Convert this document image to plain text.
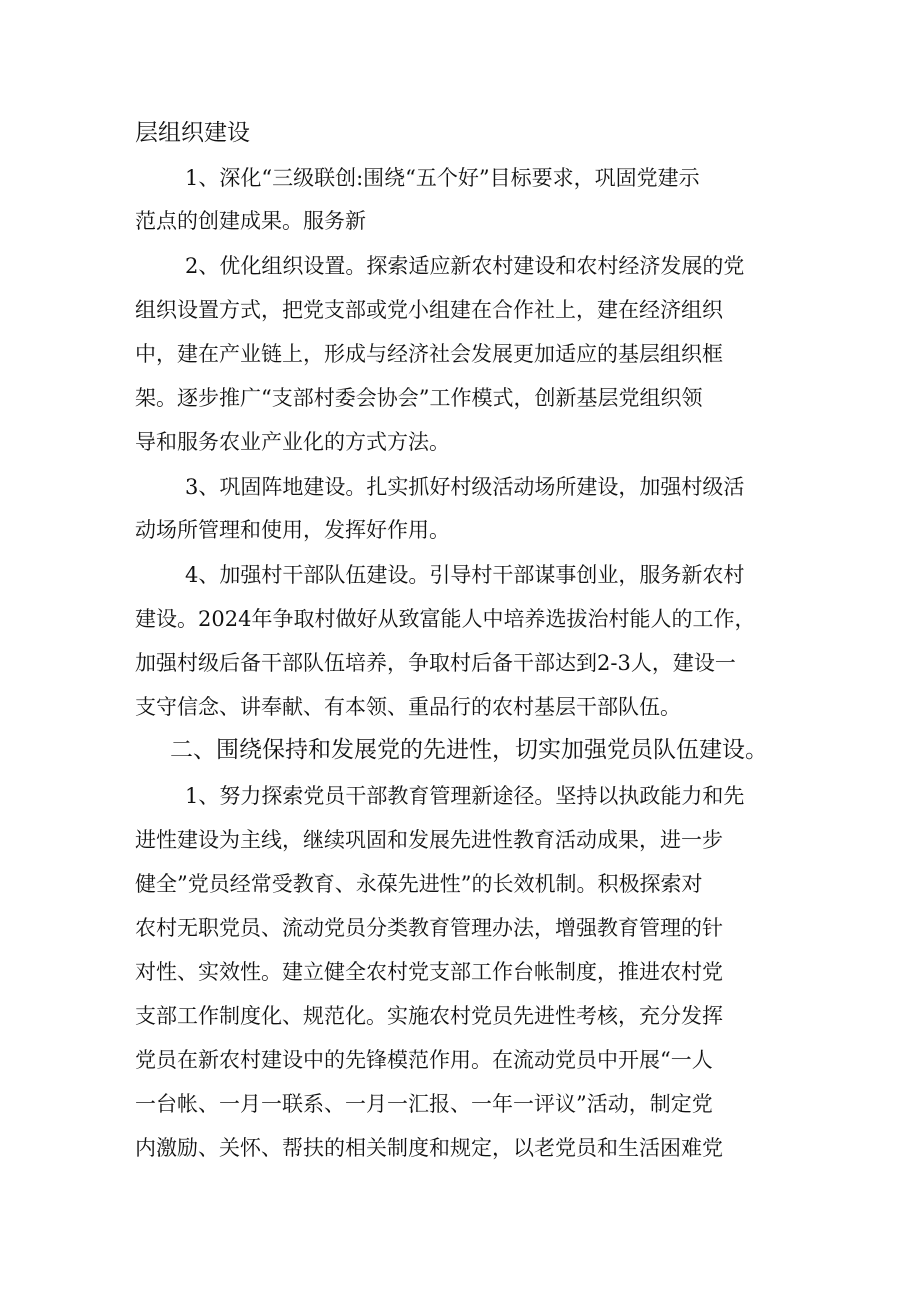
层组织建设
1、深化“三级联创:围绕“五个好”目标要求，巩固党建示
范点的创建成果。服务新
2、优化组织设置。探索适应新农村建设和农村经济发展的党
组织设置方式，把党支部或党小组建在合作社上，建在经济组织
中，建在产业链上，形成与经济社会发展更加适应的基层组织框
架。逐步推广“支部村委会协会”工作模式，创新基层党组织领
导和服务农业产业化的方式方法。
3、巩固阵地建设。扎实抓好村级活动场所建设，加强村级活
动场所管理和使用，发挥好作用。
4、加强村干部队伍建设。引导村干部谋事创业，服务新农村
建设。2024年争取村做好从致富能人中培养选拔治村能人的工作，
加强村级后备干部队伍培养，争取村后备干部达到2-3人，建设一
支守信念、讲奉献、有本领、重品行的农村基层干部队伍。
二、围绕保持和发展党的先进性，切实加强党员队伍建设。
1、努力探索党员干部教育管理新途径。坚持以执政能力和先
进性建设为主线，继续巩固和发展先进性教育活动成果，进一步
健全”党员经常受教育、永葆先进性”的长效机制。积极探索对
农村无职党员、流动党员分类教育管理办法，增强教育管理的针
对性、实效性。建立健全农村党支部工作台帐制度，推进农村党
支部工作制度化、规范化。实施农村党员先进性考核，充分发挥
党员在新农村建设中的先锋模范作用。在流动党员中开展“一人
一台帐、一月一联系、一月一汇报、一年一评议”活动，制定党
内激励、关怀、帮扶的相关制度和规定，以老党员和生活困难党
